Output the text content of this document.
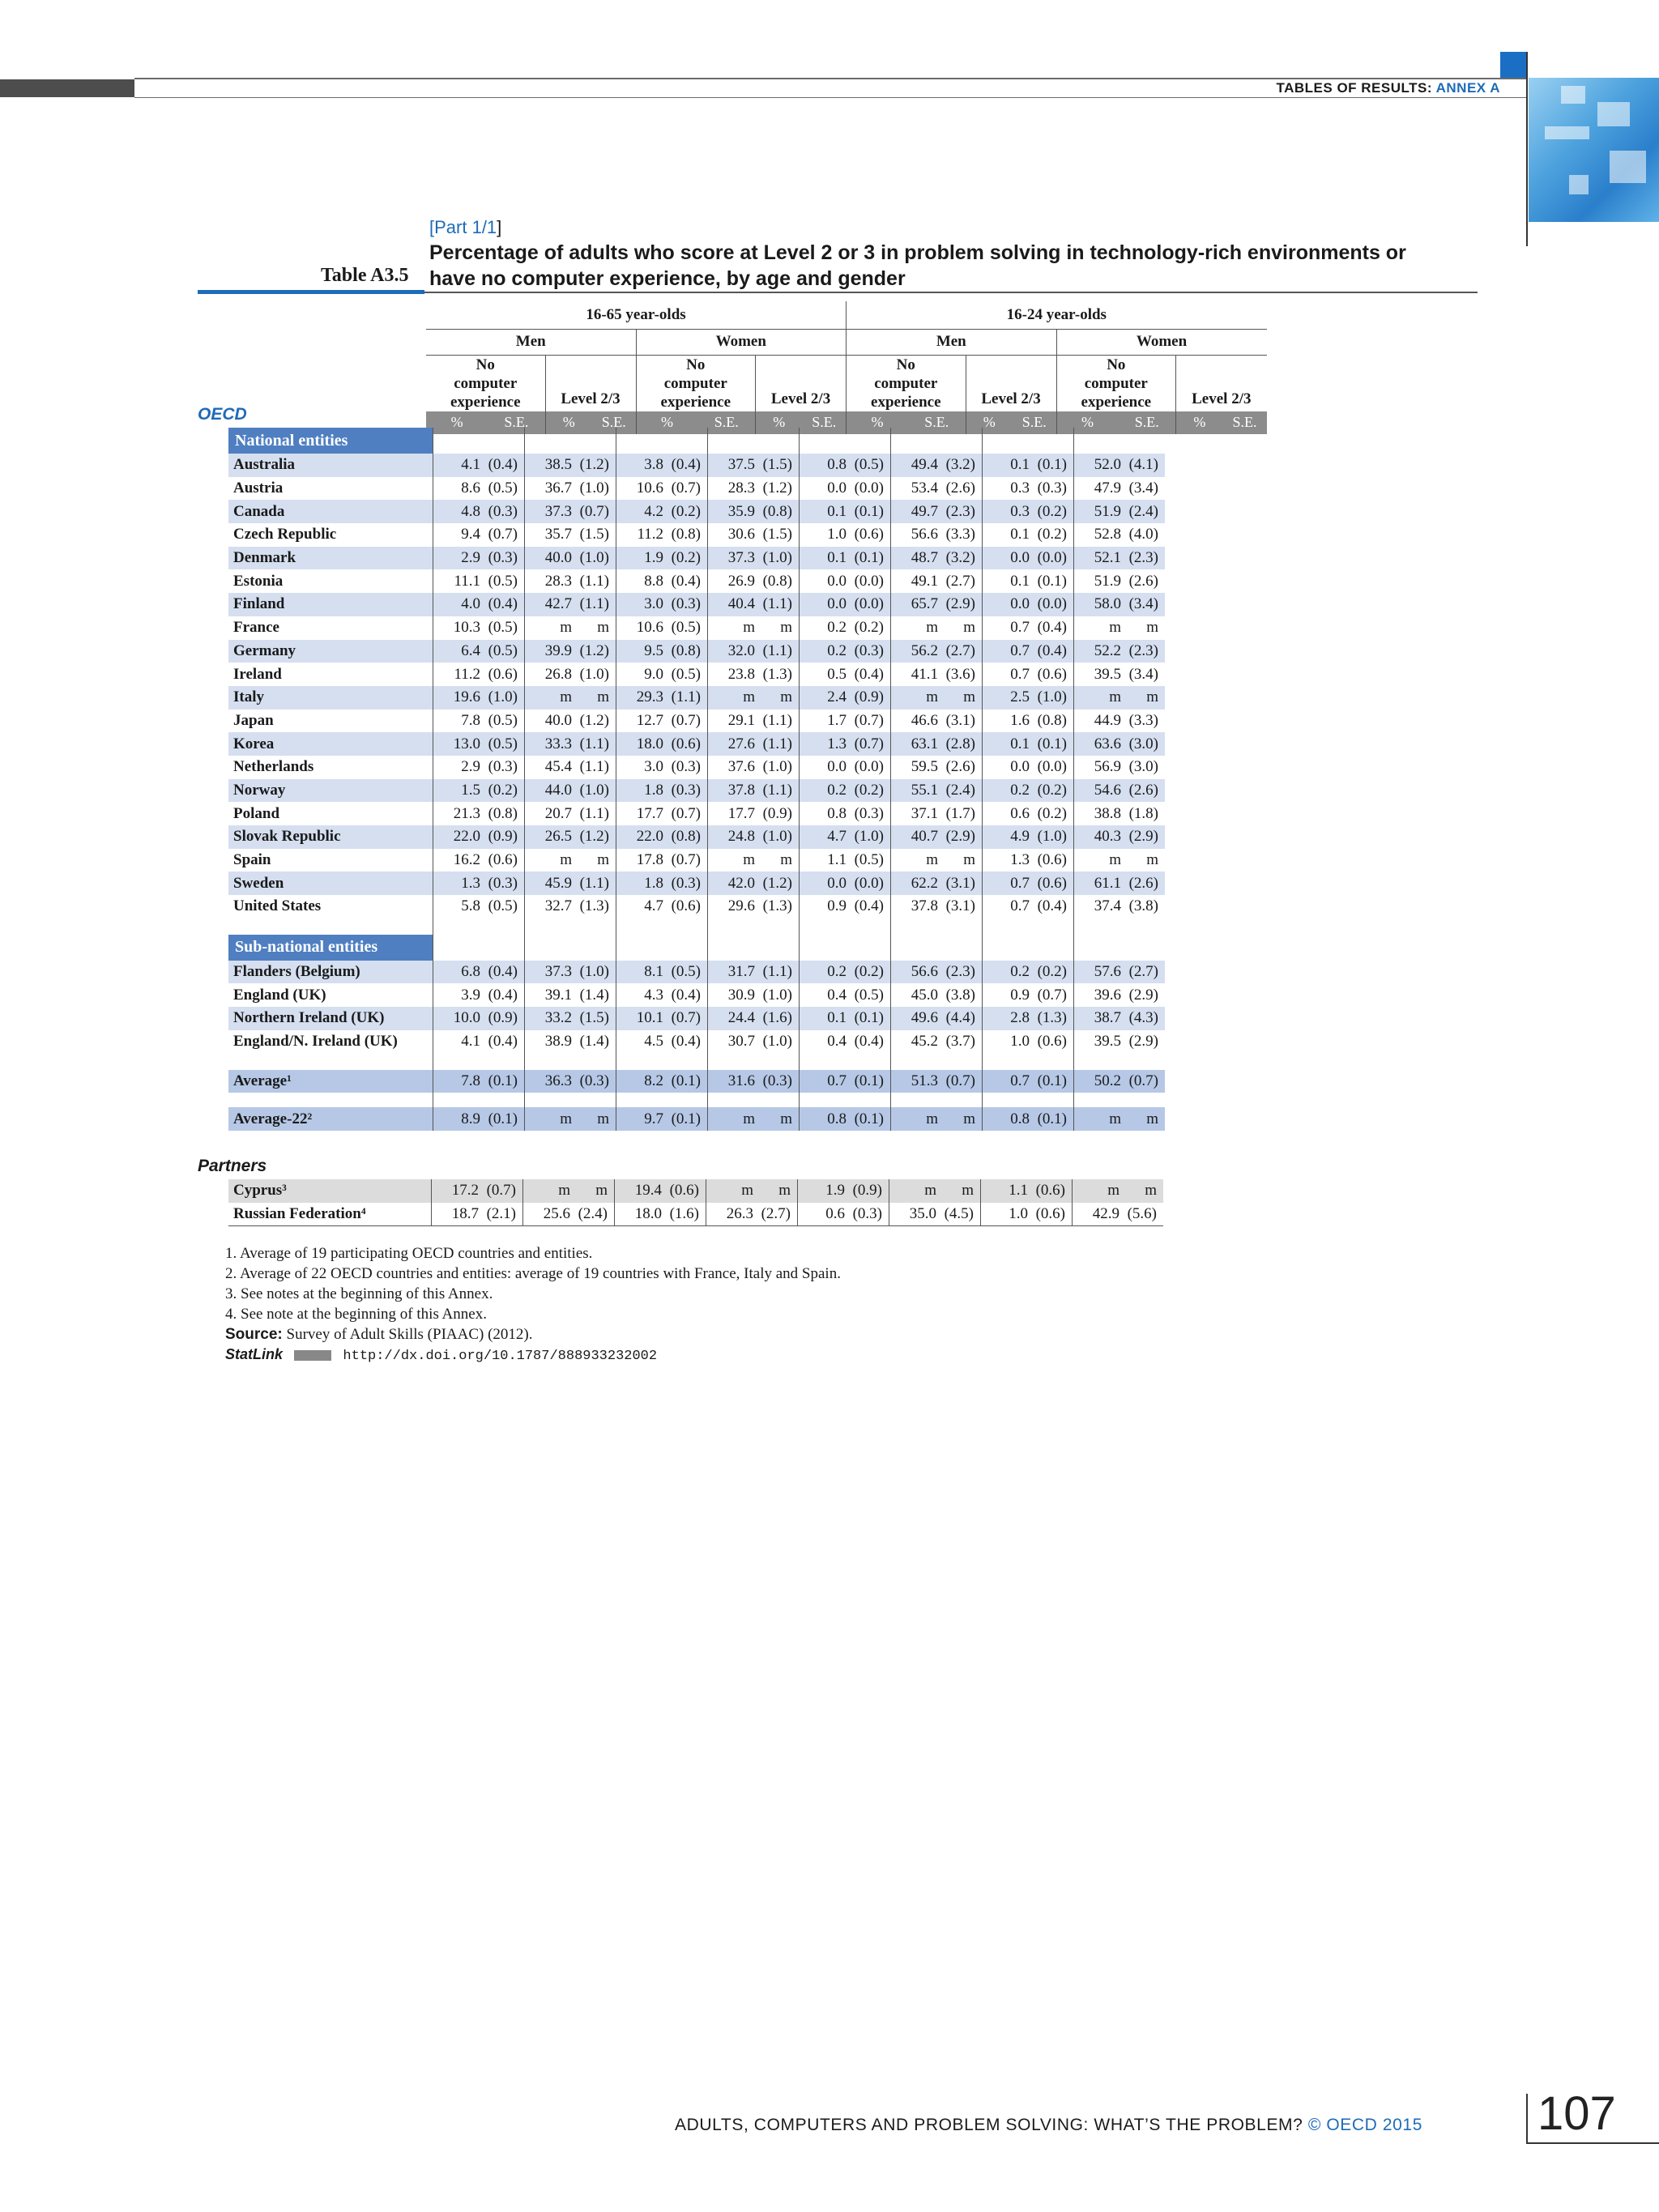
TABLES OF RESULTS: ANNEX A
[Part 1/1]
Percentage of adults who score at Level 2 or 3 in problem solving in technology-rich environments or
have no computer experience, by age and gender
Table A3.5
16-65 year-olds								16-24 year-olds							
Men				Women				Men				Women			
No computer experience		Level 2/3		No computer experience		Level 2/3		No computer experience		Level 2/3		No computer experience		Level 2/3	
%	S.E.	%	S.E.	%	S.E.	%	S.E.	%	S.E.	%	S.E.	%	S.E.	%	S.E.
OECD
National entities																
Australia	4.1	(0.4)	38.5	(1.2)	3.8	(0.4)	37.5	(1.5)	0.8	(0.5)	49.4	(3.2)	0.1	(0.1)	52.0	(4.1)
Austria	8.6	(0.5)	36.7	(1.0)	10.6	(0.7)	28.3	(1.2)	0.0	(0.0)	53.4	(2.6)	0.3	(0.3)	47.9	(3.4)
Canada	4.8	(0.3)	37.3	(0.7)	4.2	(0.2)	35.9	(0.8)	0.1	(0.1)	49.7	(2.3)	0.3	(0.2)	51.9	(2.4)
Czech Republic	9.4	(0.7)	35.7	(1.5)	11.2	(0.8)	30.6	(1.5)	1.0	(0.6)	56.6	(3.3)	0.1	(0.2)	52.8	(4.0)
Denmark	2.9	(0.3)	40.0	(1.0)	1.9	(0.2)	37.3	(1.0)	0.1	(0.1)	48.7	(3.2)	0.0	(0.0)	52.1	(2.3)
Estonia	11.1	(0.5)	28.3	(1.1)	8.8	(0.4)	26.9	(0.8)	0.0	(0.0)	49.1	(2.7)	0.1	(0.1)	51.9	(2.6)
Finland	4.0	(0.4)	42.7	(1.1)	3.0	(0.3)	40.4	(1.1)	0.0	(0.0)	65.7	(2.9)	0.0	(0.0)	58.0	(3.4)
France	10.3	(0.5)	m	m	10.6	(0.5)	m	m	0.2	(0.2)	m	m	0.7	(0.4)	m	m
Germany	6.4	(0.5)	39.9	(1.2)	9.5	(0.8)	32.0	(1.1)	0.2	(0.3)	56.2	(2.7)	0.7	(0.4)	52.2	(2.3)
Ireland	11.2	(0.6)	26.8	(1.0)	9.0	(0.5)	23.8	(1.3)	0.5	(0.4)	41.1	(3.6)	0.7	(0.6)	39.5	(3.4)
Italy	19.6	(1.0)	m	m	29.3	(1.1)	m	m	2.4	(0.9)	m	m	2.5	(1.0)	m	m
Japan	7.8	(0.5)	40.0	(1.2)	12.7	(0.7)	29.1	(1.1)	1.7	(0.7)	46.6	(3.1)	1.6	(0.8)	44.9	(3.3)
Korea	13.0	(0.5)	33.3	(1.1)	18.0	(0.6)	27.6	(1.1)	1.3	(0.7)	63.1	(2.8)	0.1	(0.1)	63.6	(3.0)
Netherlands	2.9	(0.3)	45.4	(1.1)	3.0	(0.3)	37.6	(1.0)	0.0	(0.0)	59.5	(2.6)	0.0	(0.0)	56.9	(3.0)
Norway	1.5	(0.2)	44.0	(1.0)	1.8	(0.3)	37.8	(1.1)	0.2	(0.2)	55.1	(2.4)	0.2	(0.2)	54.6	(2.6)
Poland	21.3	(0.8)	20.7	(1.1)	17.7	(0.7)	17.7	(0.9)	0.8	(0.3)	37.1	(1.7)	0.6	(0.2)	38.8	(1.8)
Slovak Republic	22.0	(0.9)	26.5	(1.2)	22.0	(0.8)	24.8	(1.0)	4.7	(1.0)	40.7	(2.9)	4.9	(1.0)	40.3	(2.9)
Spain	16.2	(0.6)	m	m	17.8	(0.7)	m	m	1.1	(0.5)	m	m	1.3	(0.6)	m	m
Sweden	1.3	(0.3)	45.9	(1.1)	1.8	(0.3)	42.0	(1.2)	0.0	(0.0)	62.2	(3.1)	0.7	(0.6)	61.1	(2.6)
United States	5.8	(0.5)	32.7	(1.3)	4.7	(0.6)	29.6	(1.3)	0.9	(0.4)	37.8	(3.1)	0.7	(0.4)	37.4	(3.8)

Sub-national entities																
Flanders (Belgium)	6.8	(0.4)	37.3	(1.0)	8.1	(0.5)	31.7	(1.1)	0.2	(0.2)	56.6	(2.3)	0.2	(0.2)	57.6	(2.7)
England (UK)	3.9	(0.4)	39.1	(1.4)	4.3	(0.4)	30.9	(1.0)	0.4	(0.5)	45.0	(3.8)	0.9	(0.7)	39.6	(2.9)
Northern Ireland (UK)	10.0	(0.9)	33.2	(1.5)	10.1	(0.7)	24.4	(1.6)	0.1	(0.1)	49.6	(4.4)	2.8	(1.3)	38.7	(4.3)
England/N. Ireland (UK)	4.1	(0.4)	38.9	(1.4)	4.5	(0.4)	30.7	(1.0)	0.4	(0.4)	45.2	(3.7)	1.0	(0.6)	39.5	(2.9)

Average¹	7.8	(0.1)	36.3	(0.3)	8.2	(0.1)	31.6	(0.3)	0.7	(0.1)	51.3	(0.7)	0.7	(0.1)	50.2	(0.7)

Average-22²	8.9	(0.1)	m	m	9.7	(0.1)	m	m	0.8	(0.1)	m	m	0.8	(0.1)	m	m
Partners
Cyprus³	17.2	(0.7)	m	m	19.4	(0.6)	m	m	1.9	(0.9)	m	m	1.1	(0.6)	m	m
Russian Federation⁴	18.7	(2.1)	25.6	(2.4)	18.0	(1.6)	26.3	(2.7)	0.6	(0.3)	35.0	(4.5)	1.0	(0.6)	42.9	(5.6)
1. Average of 19 participating OECD countries and entities.
2. Average of 22 OECD countries and entities: average of 19 countries with France, Italy and Spain.
3. See notes at the beginning of this Annex.
4. See note at the beginning of this Annex.
Source: Survey of Adult Skills (PIAAC) (2012).
StatLink	http://dx.doi.org/10.1787/888933232002
ADULTS, COMPUTERS AND PROBLEM SOLVING: WHAT’S THE PROBLEM? © OECD 2015 107
